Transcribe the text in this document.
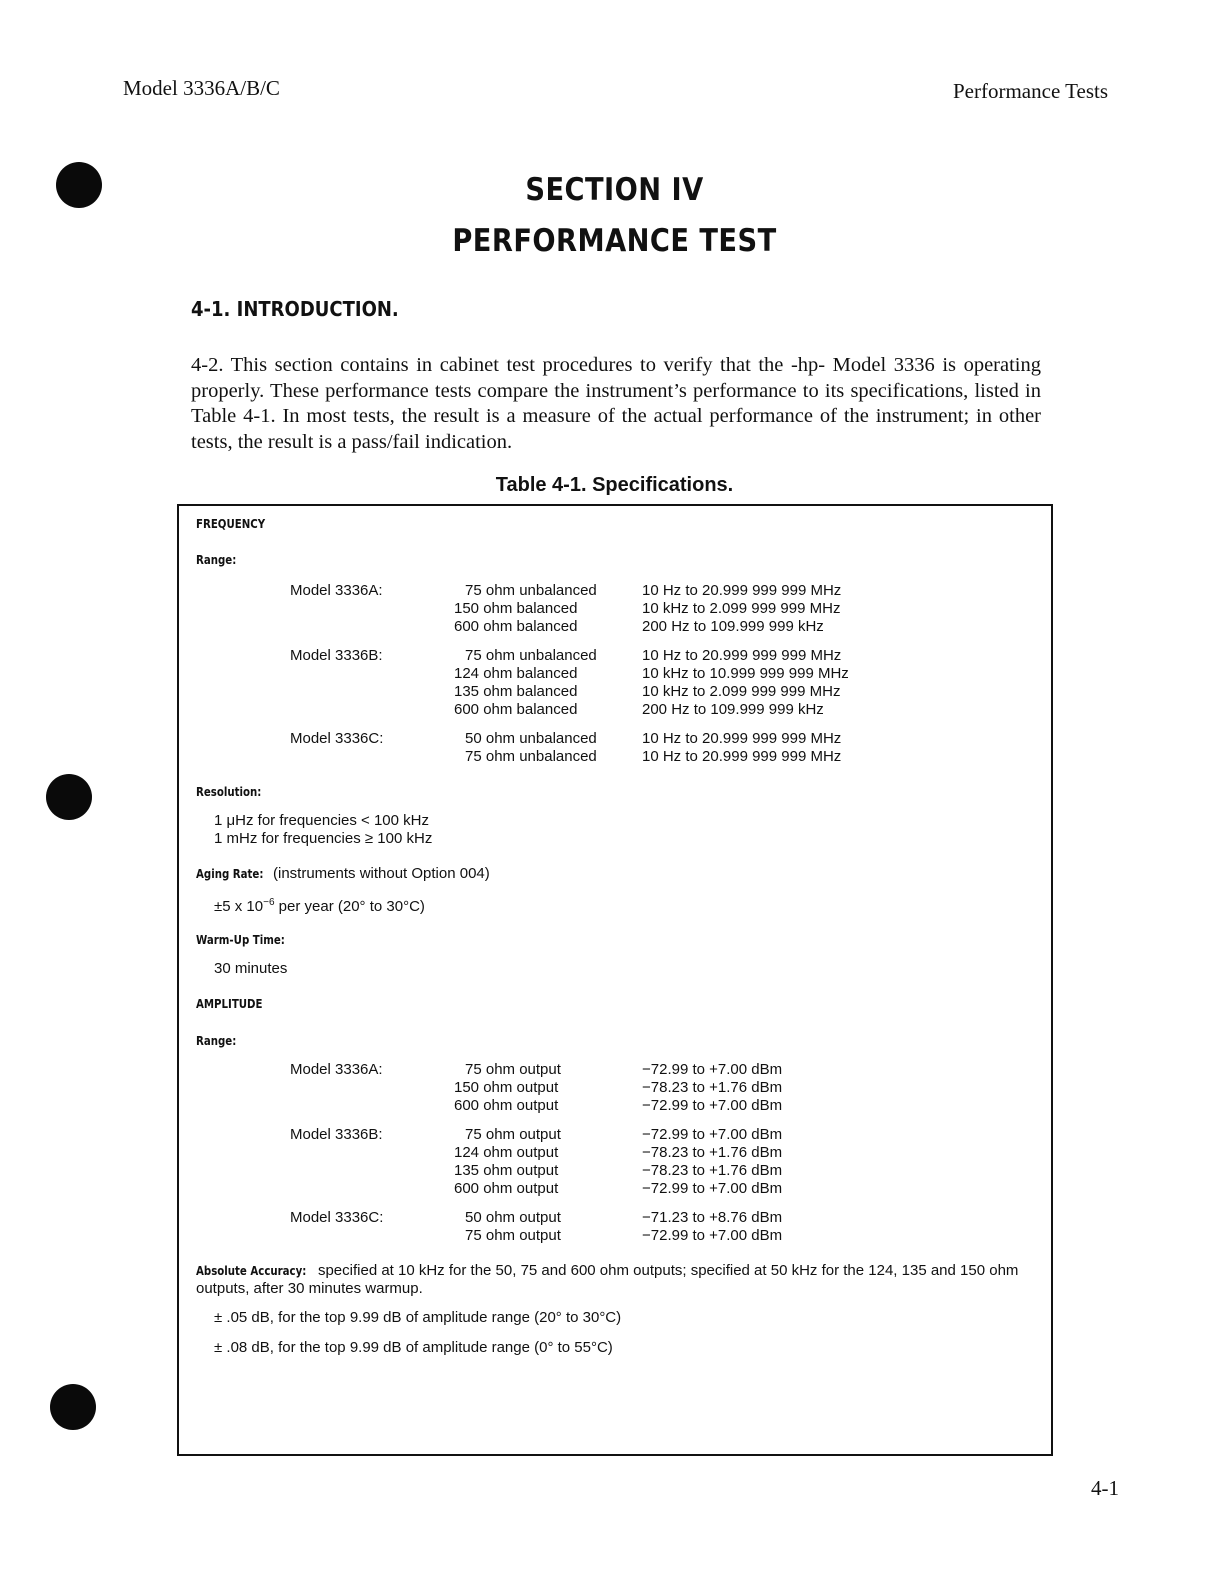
Model 3336A/B/C	Performance Tests
SECTION IV
PERFORMANCE TEST
4-1. INTRODUCTION.
4-2. This section contains in cabinet test procedures to verify that the -hp- Model 3336 is operating properly. These performance tests compare the instrument’s performance to its specifications, listed in Table 4-1. In most tests, the result is a measure of the actual performance of the instrument; in other tests, the result is a pass/fail indication.
Table 4-1. Specifications.
FREQUENCY
Range:
Model 3336A:	75 ohm unbalanced	10 Hz to 20.999 999 999 MHz
150 ohm balanced	10 kHz to 2.099 999 999 MHz
600 ohm balanced	200 Hz to 109.999 999 kHz
Model 3336B:	75 ohm unbalanced	10 Hz to 20.999 999 999 MHz
124 ohm balanced	10 kHz to 10.999 999 999 MHz
135 ohm balanced	10 kHz to 2.099 999 999 MHz
600 ohm balanced	200 Hz to 109.999 999 kHz
Model 3336C:	50 ohm unbalanced	10 Hz to 20.999 999 999 MHz
75 ohm unbalanced	10 Hz to 20.999 999 999 MHz
Resolution:
1 μHz for frequencies < 100 kHz
1 mHz for frequencies ≥ 100 kHz
Aging Rate: (instruments without Option 004)
±5 x $10^{-6}$ per year (20° to 30°C)
Warm-Up Time:
30 minutes
AMPLITUDE
Range:
Model 3336A:	75 ohm output	−72.99 to +7.00 dBm
150 ohm output	−78.23 to +1.76 dBm
600 ohm output	−72.99 to +7.00 dBm
Model 3336B:	75 ohm output	−72.99 to +7.00 dBm
124 ohm output	−78.23 to +1.76 dBm
135 ohm output	−78.23 to +1.76 dBm
600 ohm output	−72.99 to +7.00 dBm
Model 3336C:	50 ohm output	−71.23 to +8.76 dBm
75 ohm output	−72.99 to +7.00 dBm
Absolute Accuracy: specified at 10 kHz for the 50, 75 and 600 ohm outputs; specified at 50 kHz for the 124, 135 and 150 ohm outputs, after 30 minutes warmup.
± .05 dB, for the top 9.99 dB of amplitude range (20° to 30°C)
± .08 dB, for the top 9.99 dB of amplitude range (0° to 55°C)
4-1
